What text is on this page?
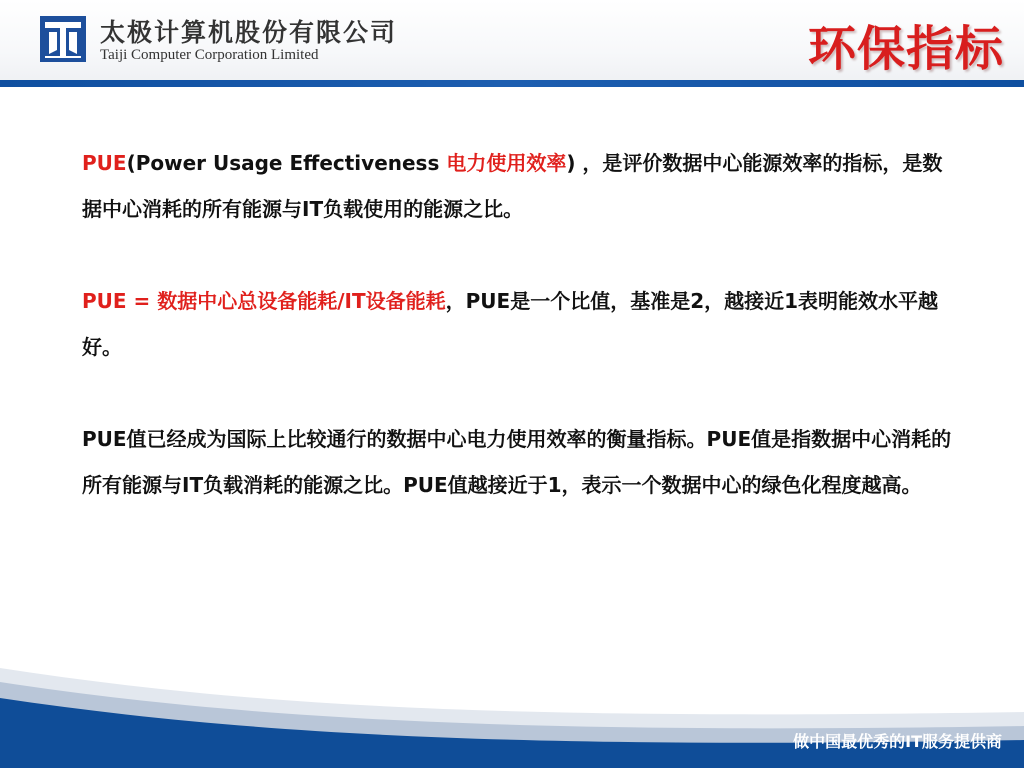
太极计算机股份有限公司
Taiji Computer Corporation Limited	环保指标

PUE(Power Usage Effectiveness 电力使用效率) ，是评价数据中心能源效率的指标，是数据中心消耗的所有能源与IT负载使用的能源之比。

PUE = 数据中心总设备能耗/IT设备能耗，PUE是一个比值，基准是2，越接近1表明能效水平越好。

PUE值已经成为国际上比较通行的数据中心电力使用效率的衡量指标。PUE值是指数据中心消耗的所有能源与IT负载消耗的能源之比。PUE值越接近于1，表示一个数据中心的绿色化程度越高。

做中国最优秀的IT服务提供商
